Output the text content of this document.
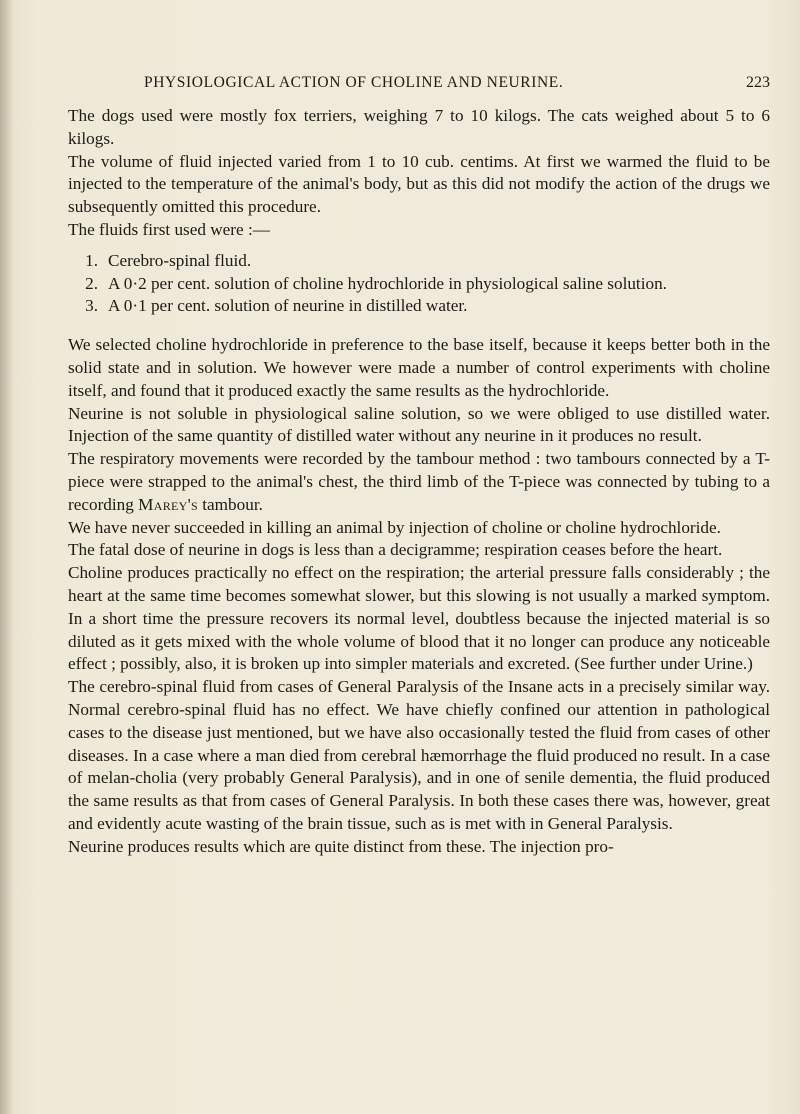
PHYSIOLOGICAL ACTION OF CHOLINE AND NEURINE.	223

The dogs used were mostly fox terriers, weighing 7 to 10 kilogs. The cats weighed about 5 to 6 kilogs.

The volume of fluid injected varied from 1 to 10 cub. centims. At first we warmed the fluid to be injected to the temperature of the animal's body, but as this did not modify the action of the drugs we subsequently omitted this procedure.

The fluids first used were :—

1. Cerebro-spinal fluid.
2. A 0·2 per cent. solution of choline hydrochloride in physiological saline solution.
3. A 0·1 per cent. solution of neurine in distilled water.

We selected choline hydrochloride in preference to the base itself, because it keeps better both in the solid state and in solution. We however were made a number of control experiments with choline itself, and found that it produced exactly the same results as the hydrochloride.

Neurine is not soluble in physiological saline solution, so we were obliged to use distilled water. Injection of the same quantity of distilled water without any neurine in it produces no result.

The respiratory movements were recorded by the tambour method : two tambours connected by a T-piece were strapped to the animal's chest, the third limb of the T-piece was connected by tubing to a recording Marey's tambour.

We have never succeeded in killing an animal by injection of choline or choline hydrochloride.

The fatal dose of neurine in dogs is less than a decigramme; respiration ceases before the heart.

Choline produces practically no effect on the respiration; the arterial pressure falls considerably ; the heart at the same time becomes somewhat slower, but this slowing is not usually a marked symptom. In a short time the pressure recovers its normal level, doubtless because the injected material is so diluted as it gets mixed with the whole volume of blood that it no longer can produce any noticeable effect ; possibly, also, it is broken up into simpler materials and excreted. (See further under Urine.)

The cerebro-spinal fluid from cases of General Paralysis of the Insane acts in a precisely similar way. Normal cerebro-spinal fluid has no effect. We have chiefly confined our attention in pathological cases to the disease just mentioned, but we have also occasionally tested the fluid from cases of other diseases. In a case where a man died from cerebral hæmorrhage the fluid produced no result. In a case of melan-cholia (very probably General Paralysis), and in one of senile dementia, the fluid produced the same results as that from cases of General Paralysis. In both these cases there was, however, great and evidently acute wasting of the brain tissue, such as is met with in General Paralysis.

Neurine produces results which are quite distinct from these. The injection pro-
